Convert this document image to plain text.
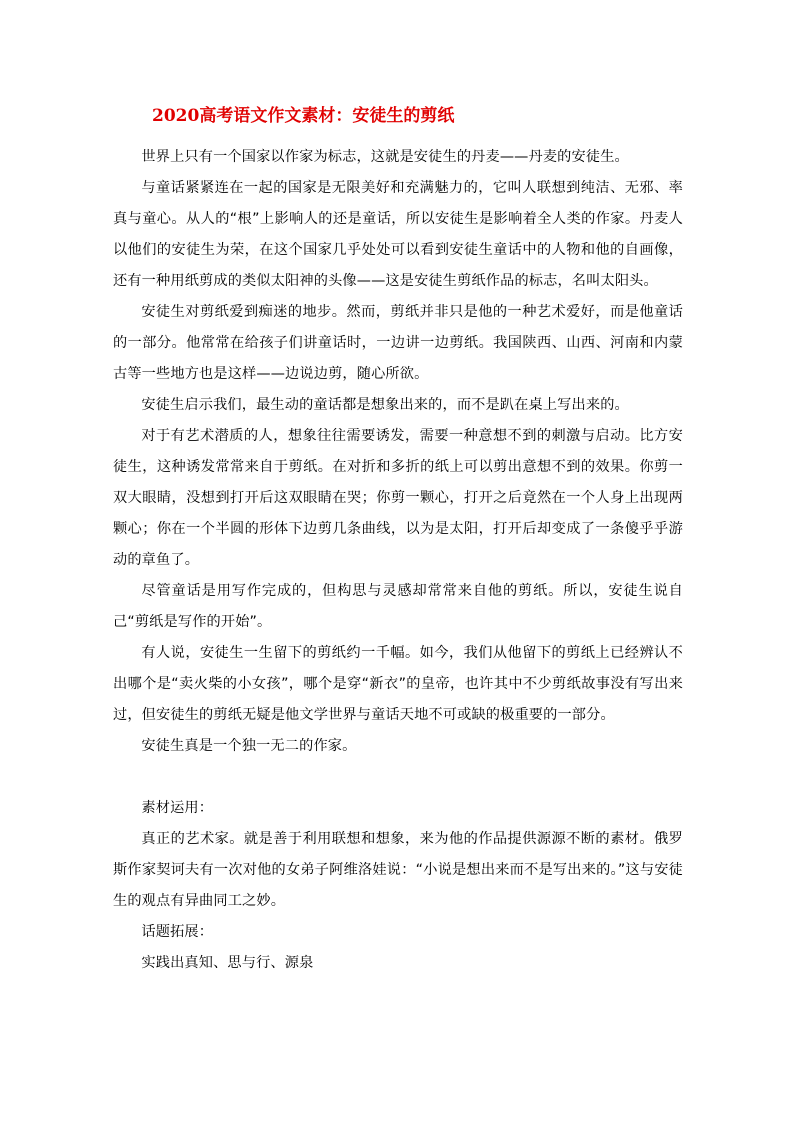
2020高考语文作文素材：安徒生的剪纸

世界上只有一个国家以作家为标志，这就是安徒生的丹麦——丹麦的安徒生。

与童话紧紧连在一起的国家是无限美好和充满魅力的，它叫人联想到纯洁、无邪、率真与童心。从人的“根”上影响人的还是童话，所以安徒生是影响着全人类的作家。丹麦人以他们的安徒生为荣，在这个国家几乎处处可以看到安徒生童话中的人物和他的自画像，还有一种用纸剪成的类似太阳神的头像——这是安徒生剪纸作品的标志，名叫太阳头。

安徒生对剪纸爱到痴迷的地步。然而，剪纸并非只是他的一种艺术爱好，而是他童话的一部分。他常常在给孩子们讲童话时，一边讲一边剪纸。我国陕西、山西、河南和内蒙古等一些地方也是这样——边说边剪，随心所欲。

安徒生启示我们，最生动的童话都是想象出来的，而不是趴在桌上写出来的。

对于有艺术潜质的人，想象往往需要诱发，需要一种意想不到的刺激与启动。比方安徒生，这种诱发常常来自于剪纸。在对折和多折的纸上可以剪出意想不到的效果。你剪一双大眼睛，没想到打开后这双眼睛在哭；你剪一颗心，打开之后竟然在一个人身上出现两颗心；你在一个半圆的形体下边剪几条曲线，以为是太阳，打开后却变成了一条傻乎乎游动的章鱼了。

尽管童话是用写作完成的，但构思与灵感却常常来自他的剪纸。所以，安徒生说自己“剪纸是写作的开始”。

有人说，安徒生一生留下的剪纸约一千幅。如今，我们从他留下的剪纸上已经辨认不出哪个是“卖火柴的小女孩”，哪个是穿“新衣”的皇帝，也许其中不少剪纸故事没有写出来过，但安徒生的剪纸无疑是他文学世界与童话天地不可或缺的极重要的一部分。

安徒生真是一个独一无二的作家。

素材运用：

真正的艺术家。就是善于利用联想和想象，来为他的作品提供源源不断的素材。俄罗斯作家契诃夫有一次对他的女弟子阿维洛娃说：“小说是想出来而不是写出来的。”这与安徒生的观点有异曲同工之妙。

话题拓展：

实践出真知、思与行、源泉
